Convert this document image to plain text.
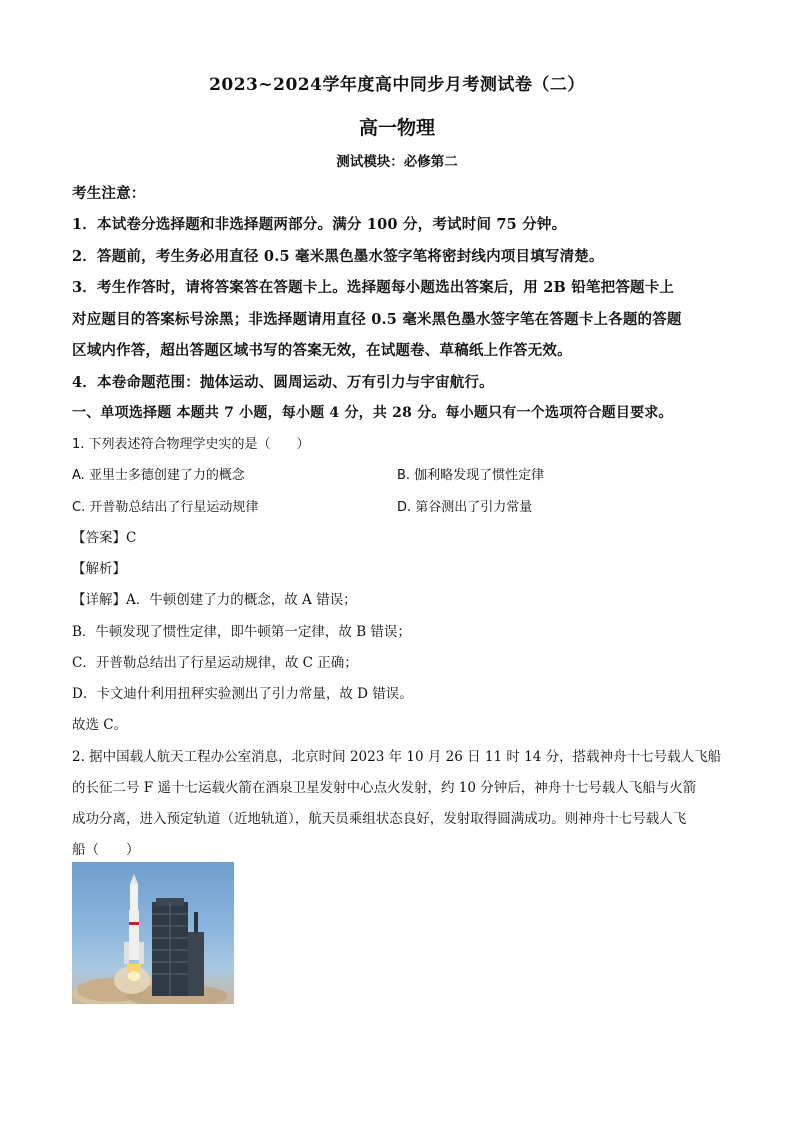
2023~2024学年度高中同步月考测试卷（二）
高一物理
测试模块：必修第二
考生注意：
1．本试卷分选择题和非选择题两部分。满分 100 分，考试时间 75 分钟。
2．答题前，考生务必用直径 0.5 毫米黑色墨水签字笔将密封线内项目填写清楚。
3．考生作答时，请将答案答在答题卡上。选择题每小题选出答案后，用 2B 铅笔把答题卡上
对应题目的答案标号涂黑；非选择题请用直径 0.5 毫米黑色墨水签字笔在答题卡上各题的答题
区域内作答，超出答题区域书写的答案无效，在试题卷、草稿纸上作答无效。
4．本卷命题范围：抛体运动、圆周运动、万有引力与宇宙航行。
一、单项选择题 本题共 7 小题，每小题 4 分，共 28 分。每小题只有一个选项符合题目要求。
1. 下列表述符合物理学史实的是（　　）
A. 亚里士多德创建了力的概念	B. 伽利略发现了惯性定律
C. 开普勒总结出了行星运动规律	D. 第谷测出了引力常量
【答案】C
【解析】
【详解】A．牛顿创建了力的概念，故 A 错误；
B．牛顿发现了惯性定律，即牛顿第一定律，故 B 错误；
C．开普勒总结出了行星运动规律，故 C 正确；
D．卡文迪什利用扭秤实验测出了引力常量，故 D 错误。
故选 C。
2. 据中国载人航天工程办公室消息，北京时间 2023 年 10 月 26 日 11 时 14 分，搭载神舟十七号载人飞船
的长征二号 F 遥十七运载火箭在酒泉卫星发射中心点火发射，约 10 分钟后，神舟十七号载人飞船与火箭
成功分离，进入预定轨道（近地轨道），航天员乘组状态良好，发射取得圆满成功。则神舟十七号载人飞
船（　　）
